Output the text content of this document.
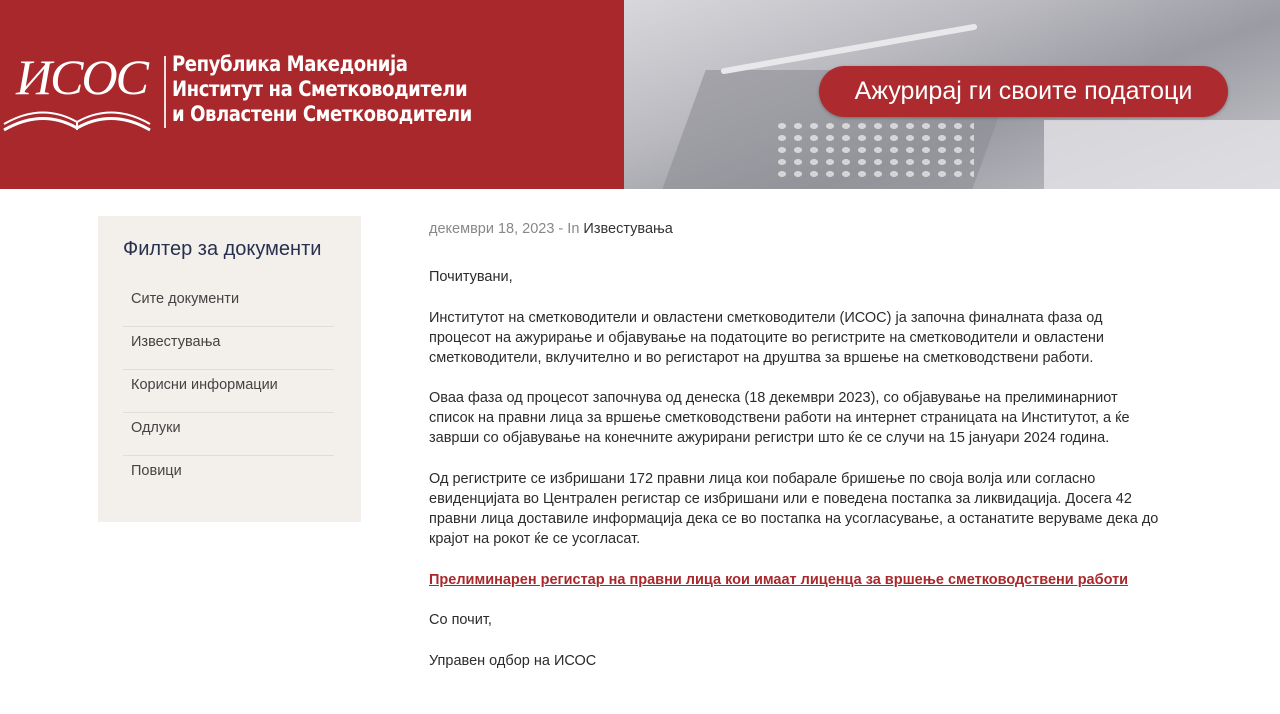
ИСОС Република Македонија
Институт на Сметководители
и Овластени Сметководители
Ажурирај ги своите податоци
Филтер за документи
Сите документи
Известувања
Корисни информации
Одлуки
Повици
декември 18, 2023 - In Известувања

Почитувани,

Институтот на сметководители и овластени сметководители (ИСОС) ја започна финалната фаза од процесот на ажурирање и објавување на податоците во регистрите на сметководители и овластени сметководители, вклучително и во регистарот на друштва за вршење на сметководствени работи.

Оваа фаза од процесот започнува од денеска (18 декември 2023), со објавување на прелиминарниот список на правни лица за вршење сметководствени работи на интернет страницата на Институтот, а ќе заврши со објавување на конечните ажурирани регистри што ќе се случи на 15 јануари 2024 година.

Од регистрите се избришани 172 правни лица кои побарале бришење по своја волја или согласно евиденцијата во Централен регистар се избришани или е поведена постапка за ликвидација. Досега 42 правни лица доставиле информација дека се во постапка на усогласување, а останатите веруваме дека до крајот на рокот ќе се усогласат.

Прелиминарен регистар на правни лица кои имаат лиценца за вршење сметководствени работи

Со почит,

Управен одбор на ИСОС
